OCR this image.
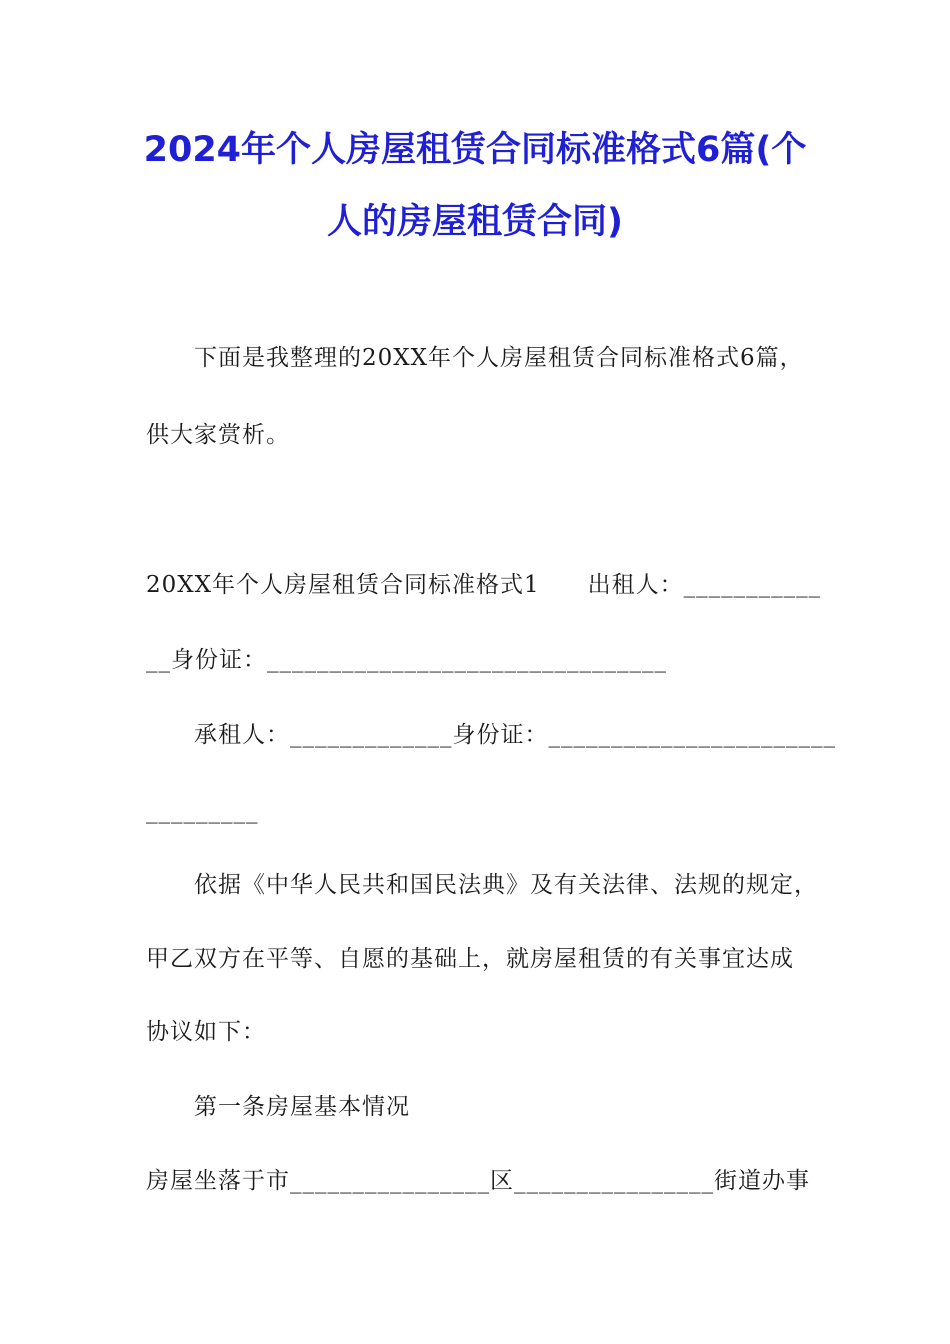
2024年个人房屋租赁合同标准格式6篇(个
人的房屋租赁合同)
下面是我整理的20XX年个人房屋租赁合同标准格式6篇，
供大家赏析。
20XX年个人房屋租赁合同标准格式1　　出租人：___________
__身份证：________________________________
承租人：_____________身份证：_______________________
_________
依据《中华人民共和国民法典》及有关法律、法规的规定，
甲乙双方在平等、自愿的基础上，就房屋租赁的有关事宜达成
协议如下：
第一条房屋基本情况
房屋坐落于市________________区________________街道办事
